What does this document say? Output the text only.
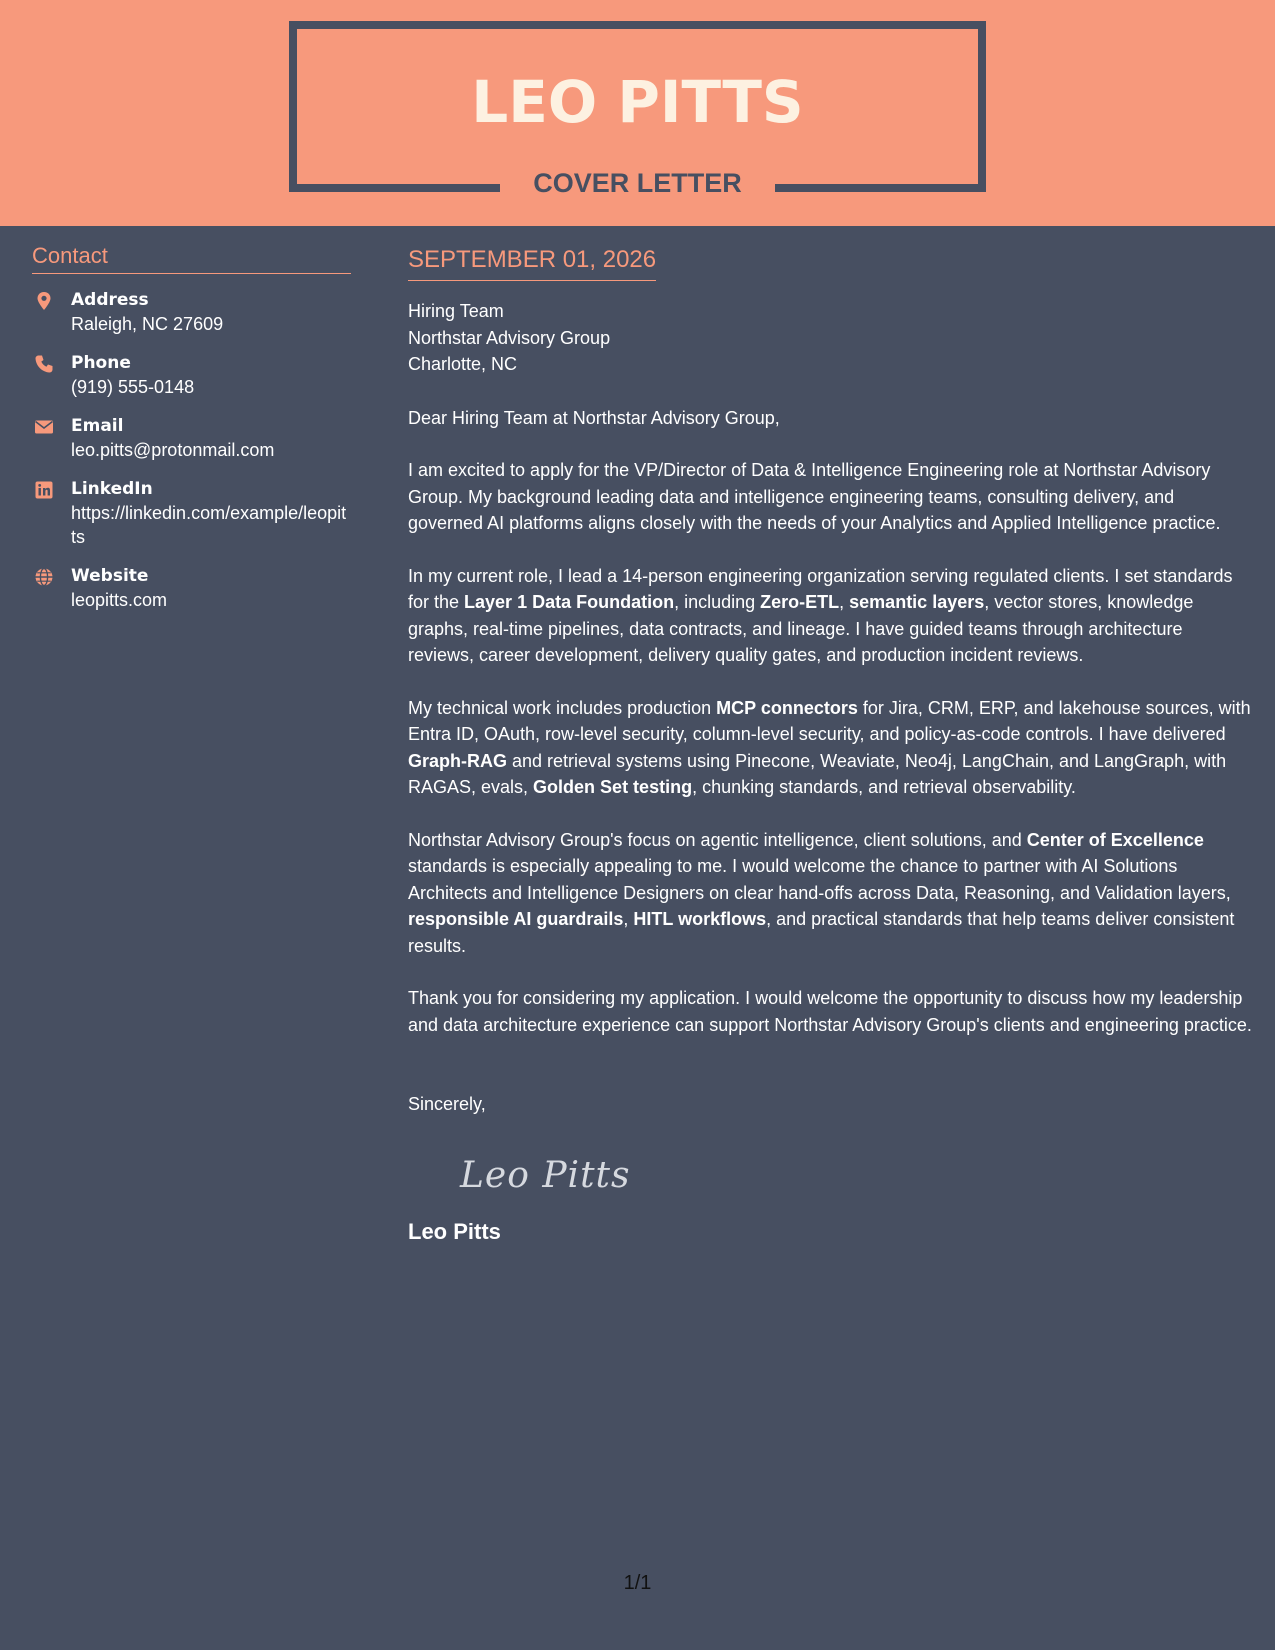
LEO PITTS
COVER LETTER
Contact
Address
Raleigh, NC 27609
Phone
(919) 555-0148
Email
leo.pitts@protonmail.com
LinkedIn
https://linkedin.com/example/leopitts
Website
leopitts.com
SEPTEMBER 01, 2026
Hiring Team
Northstar Advisory Group
Charlotte, NC
Dear Hiring Team at Northstar Advisory Group,

I am excited to apply for the VP/Director of Data & Intelligence Engineering role at Northstar Advisory Group. My background leading data and intelligence engineering teams, consulting delivery, and governed AI platforms aligns closely with the needs of your Analytics and Applied Intelligence practice.

In my current role, I lead a 14-person engineering organization serving regulated clients. I set standards for the Layer 1 Data Foundation, including Zero-ETL, semantic layers, vector stores, knowledge graphs, real-time pipelines, data contracts, and lineage. I have guided teams through architecture reviews, career development, delivery quality gates, and production incident reviews.

My technical work includes production MCP connectors for Jira, CRM, ERP, and lakehouse sources, with Entra ID, OAuth, row-level security, column-level security, and policy-as-code controls. I have delivered Graph-RAG and retrieval systems using Pinecone, Weaviate, Neo4j, LangChain, and LangGraph, with RAGAS, evals, Golden Set testing, chunking standards, and retrieval observability.

Northstar Advisory Group's focus on agentic intelligence, client solutions, and Center of Excellence standards is especially appealing to me. I would welcome the chance to partner with AI Solutions Architects and Intelligence Designers on clear hand-offs across Data, Reasoning, and Validation layers, responsible AI guardrails, HITL workflows, and practical standards that help teams deliver consistent results.

Thank you for considering my application. I would welcome the opportunity to discuss how my leadership and data architecture experience can support Northstar Advisory Group's clients and engineering practice.

Sincerely,
Leo Pitts
Leo Pitts
1/1
